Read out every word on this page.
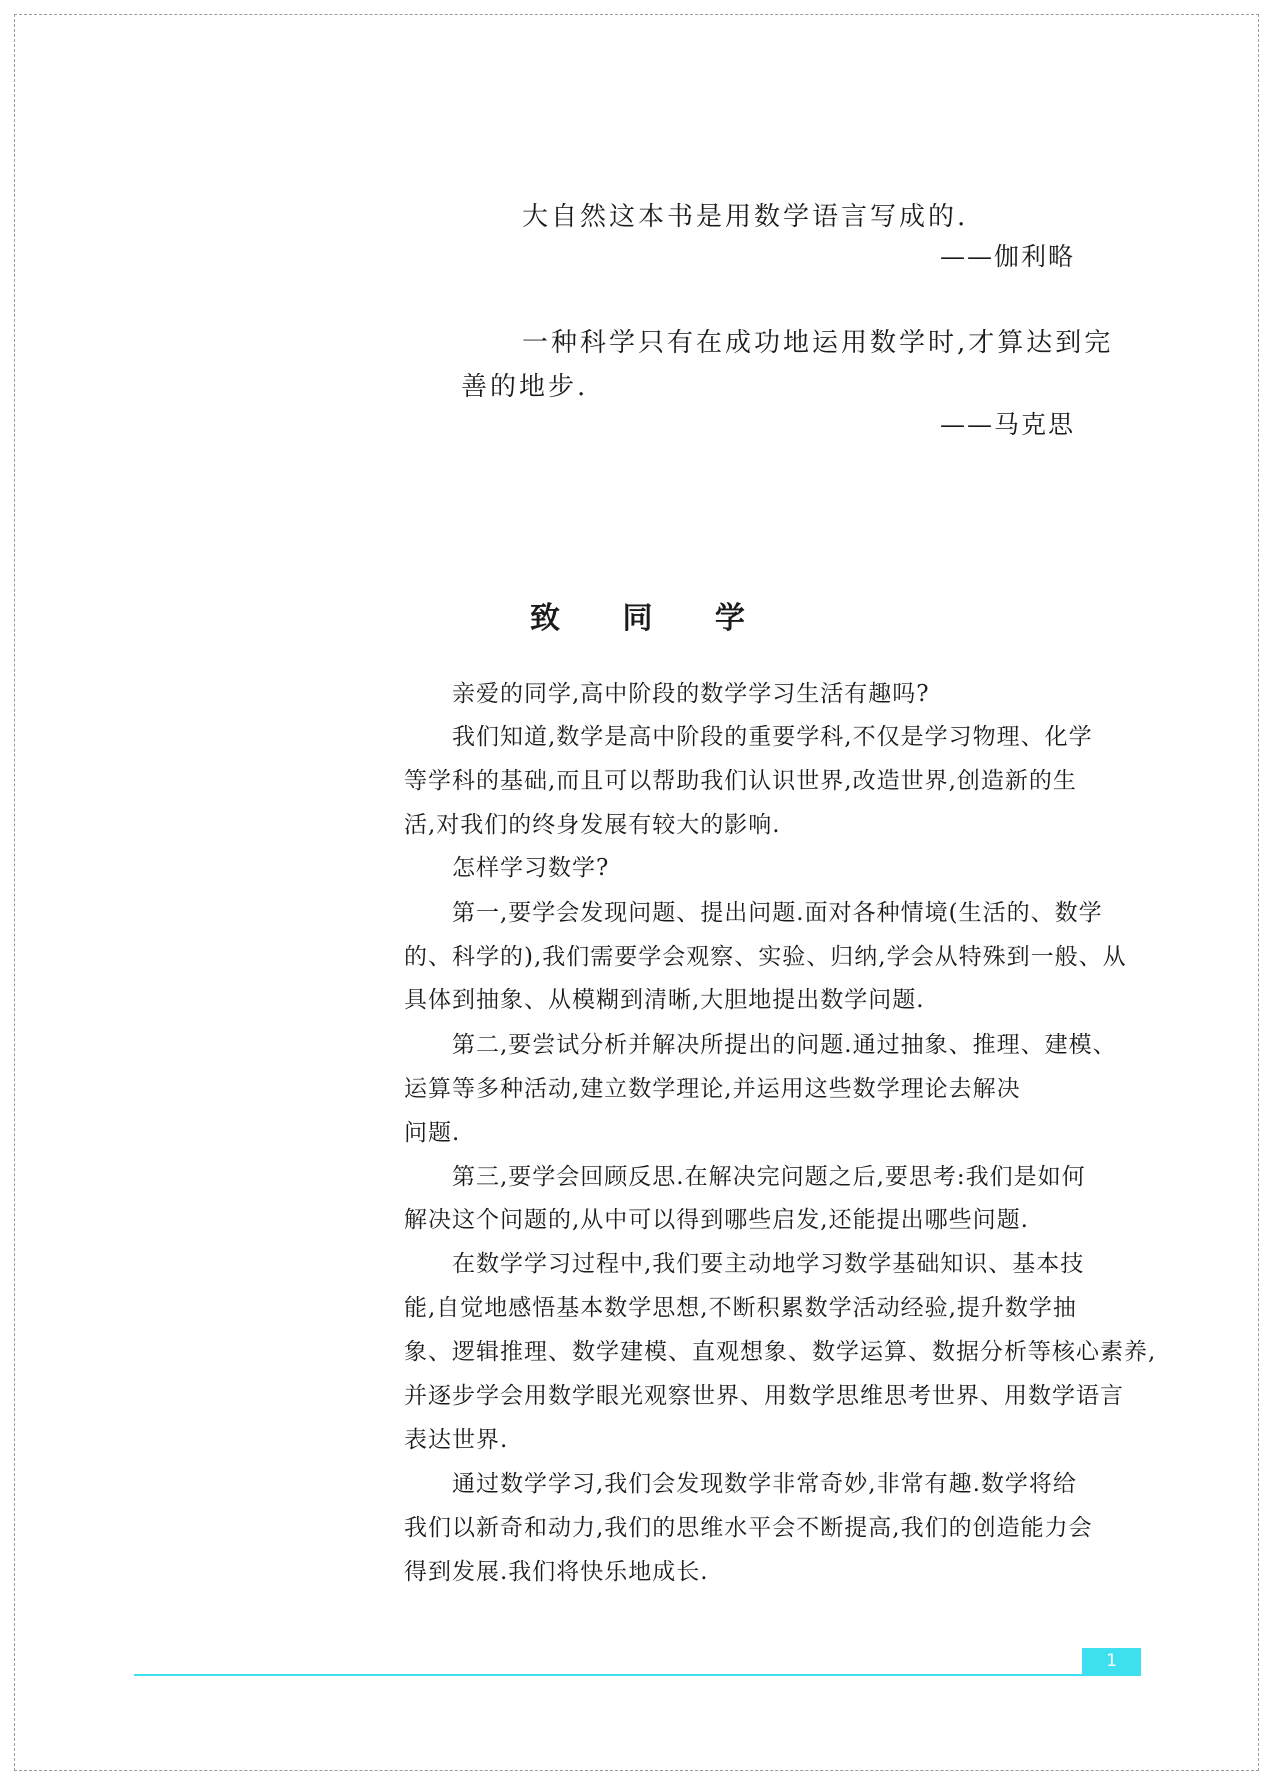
大自然这本书是用数学语言写成的.
——伽利略
一种科学只有在成功地运用数学时,才算达到完
善的地步.
——马克思
致 同 学
亲爱的同学,高中阶段的数学学习生活有趣吗?
我们知道,数学是高中阶段的重要学科,不仅是学习物理、化学
等学科的基础,而且可以帮助我们认识世界,改造世界,创造新的生
活,对我们的终身发展有较大的影响.
怎样学习数学?
第一,要学会发现问题、提出问题.面对各种情境(生活的、数学
的、科学的),我们需要学会观察、实验、归纳,学会从特殊到一般、从
具体到抽象、从模糊到清晰,大胆地提出数学问题.
第二,要尝试分析并解决所提出的问题.通过抽象、推理、建模、
运算等多种活动,建立数学理论,并运用这些数学理论去解决
问题.
第三,要学会回顾反思.在解决完问题之后,要思考:我们是如何
解决这个问题的,从中可以得到哪些启发,还能提出哪些问题.
在数学学习过程中,我们要主动地学习数学基础知识、基本技
能,自觉地感悟基本数学思想,不断积累数学活动经验,提升数学抽
象、逻辑推理、数学建模、直观想象、数学运算、数据分析等核心素养,
并逐步学会用数学眼光观察世界、用数学思维思考世界、用数学语言
表达世界.
通过数学学习,我们会发现数学非常奇妙,非常有趣.数学将给
我们以新奇和动力,我们的思维水平会不断提高,我们的创造能力会
得到发展.我们将快乐地成长.
1
